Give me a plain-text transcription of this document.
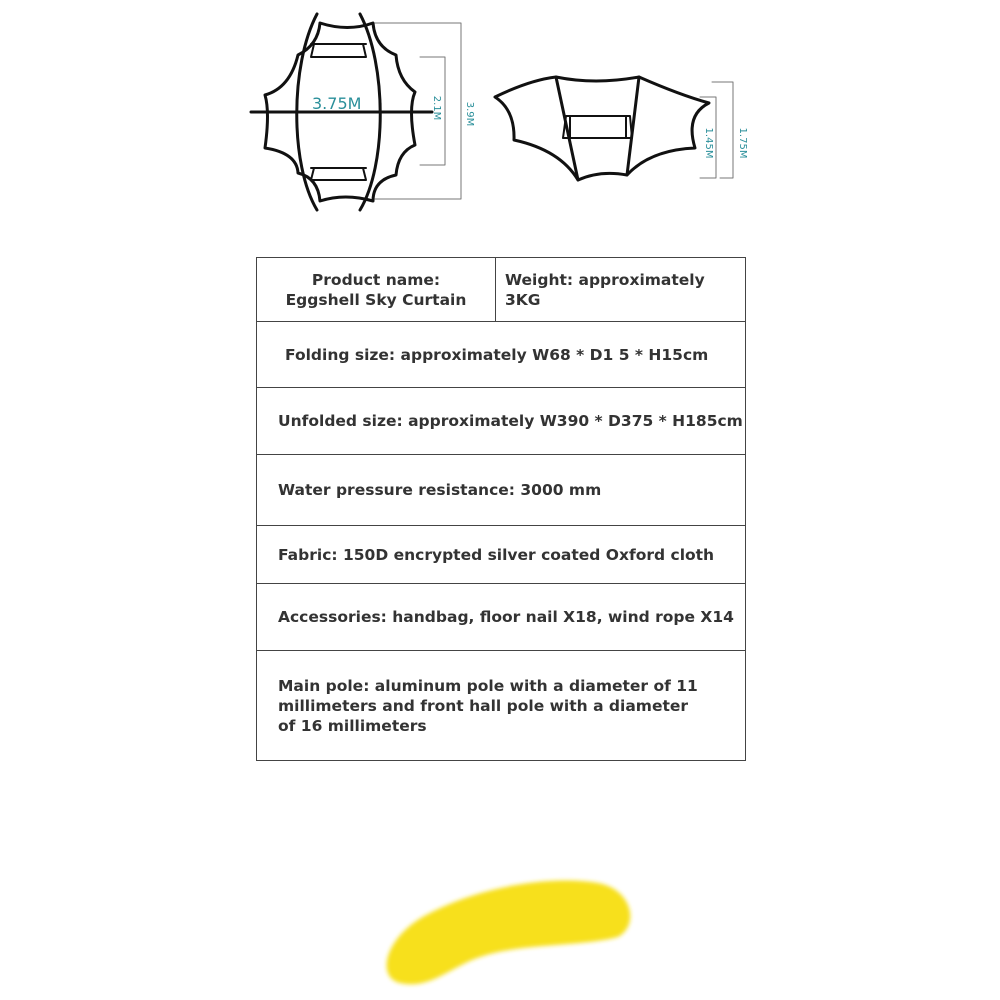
3.75M	2.1M 3.9M
1.45M 1.75M
Product name:
Eggshell Sky Curtain
	Weight: approximately 3KG
Folding size: approximately W68 * D1 5 * H15cm
Unfolded size: approximately W390 * D375 * H185cm
Water pressure resistance: 3000 mm
Fabric: 150D encrypted silver coated Oxford cloth
Accessories: handbag, floor nail X18, wind rope X14

Main pole: aluminum pole with a diameter of 11
millimeters and front hall pole with a diameter
of 16 millimeters
